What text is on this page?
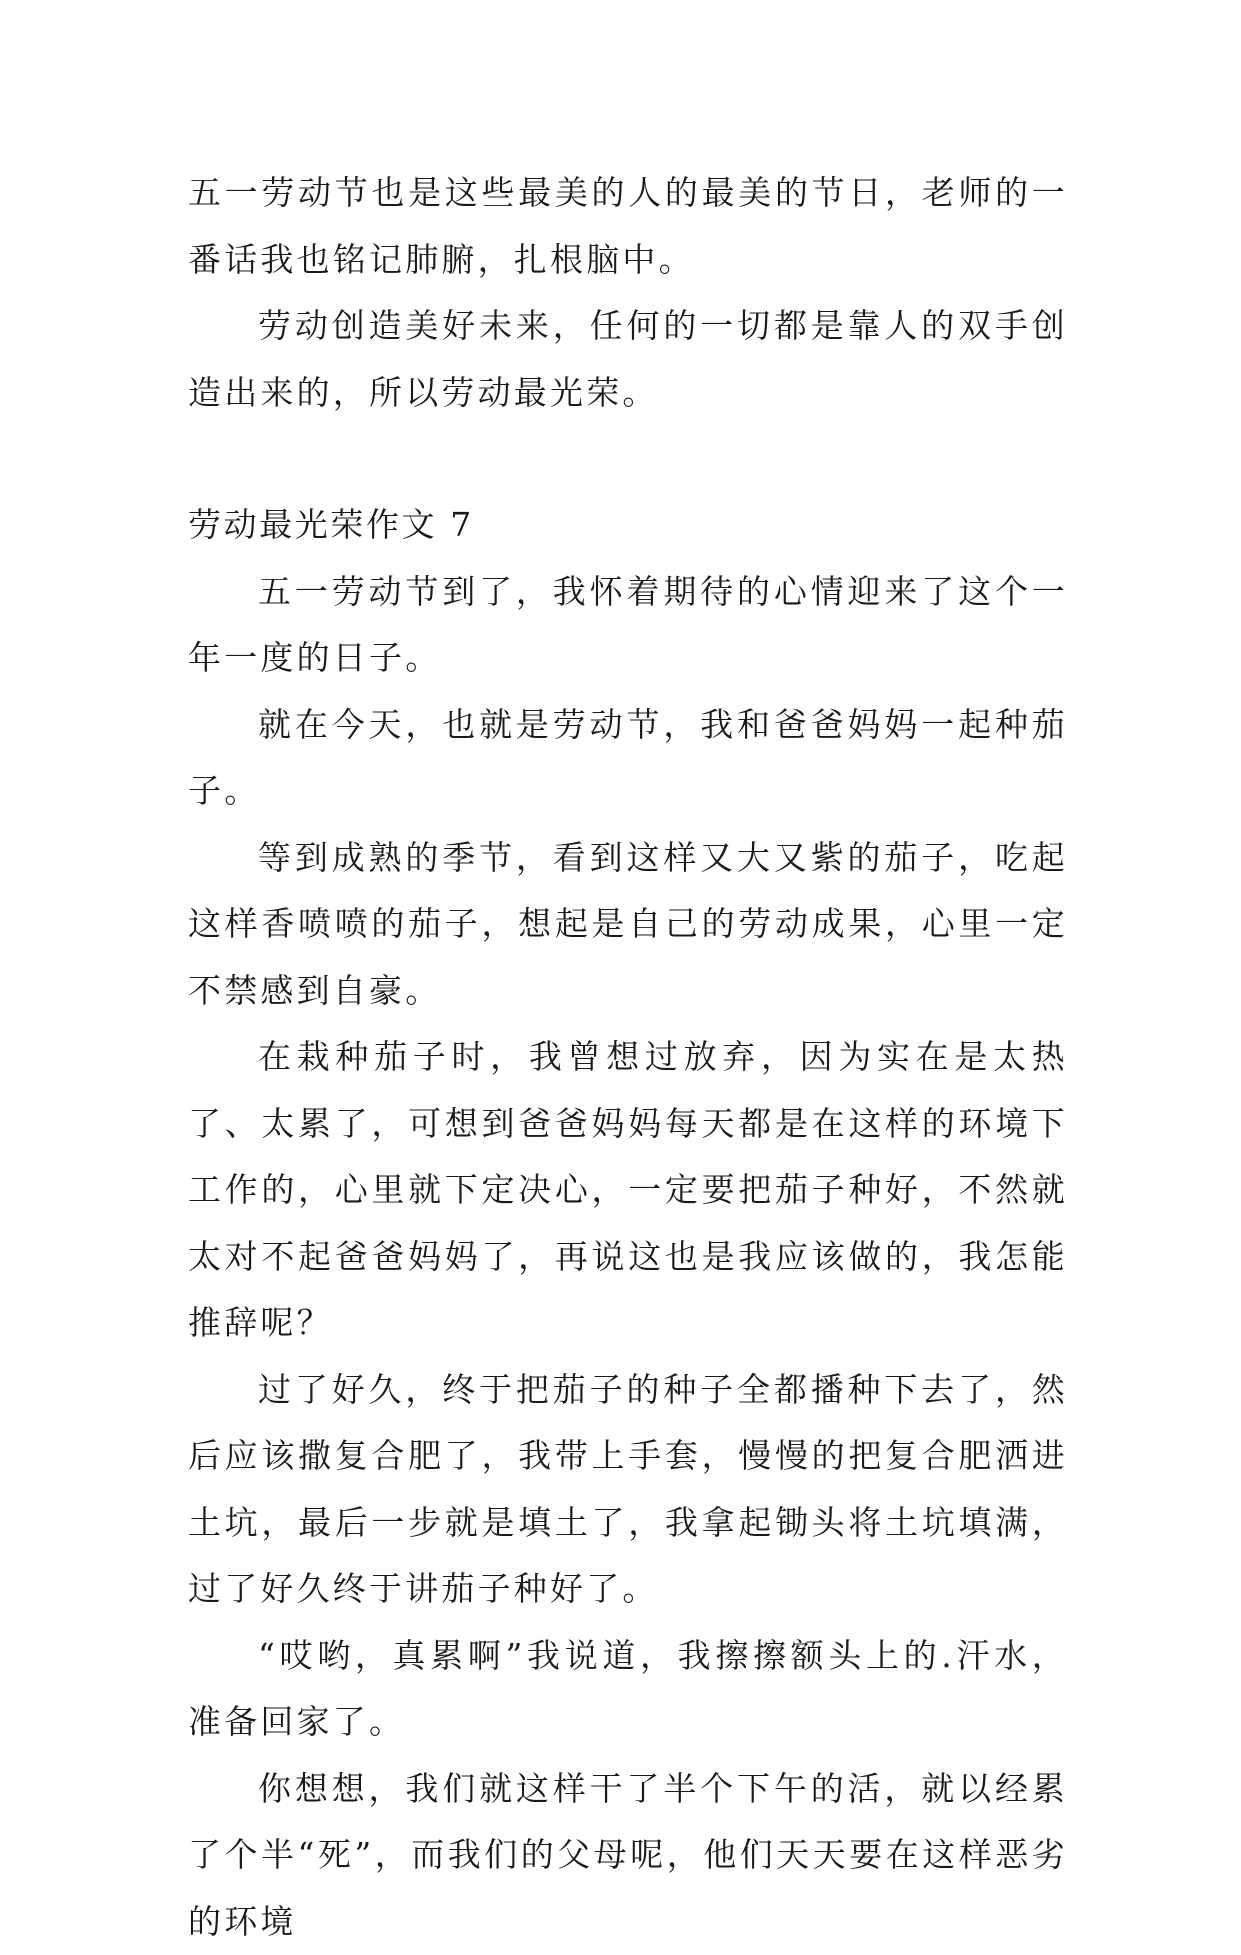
五一劳动节也是这些最美的人的最美的节日，老师的一番话我也铭记肺腑，扎根脑中。

劳动创造美好未来，任何的一切都是靠人的双手创造出来的，所以劳动最光荣。

劳动最光荣作文 7

五一劳动节到了，我怀着期待的心情迎来了这个一年一度的日子。

就在今天，也就是劳动节，我和爸爸妈妈一起种茄子。

等到成熟的季节，看到这样又大又紫的茄子，吃起这样香喷喷的茄子，想起是自己的劳动成果，心里一定不禁感到自豪。

在栽种茄子时，我曾想过放弃，因为实在是太热了、太累了，可想到爸爸妈妈每天都是在这样的环境下工作的，心里就下定决心，一定要把茄子种好，不然就太对不起爸爸妈妈了，再说这也是我应该做的，我怎能推辞呢？

过了好久，终于把茄子的种子全都播种下去了，然后应该撒复合肥了，我带上手套，慢慢的把复合肥洒进土坑，最后一步就是填土了，我拿起锄头将土坑填满，过了好久终于讲茄子种好了。

“哎哟，真累啊”我说道，我擦擦额头上的.汗水，准备回家了。

你想想，我们就这样干了半个下午的活，就以经累了个半“死”，而我们的父母呢，他们天天要在这样恶劣的环境
